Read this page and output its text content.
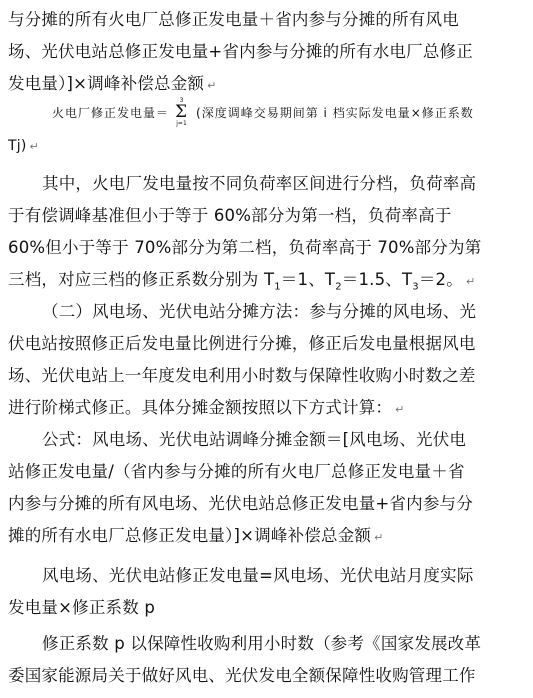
与分摊的所有火电厂总修正发电量＋省内参与分摊的所有风电
场、光伏电站总修正发电量+省内参与分摊的所有水电厂总修正
发电量）]×调峰补偿总金额 ↵
火电厂修正发电量＝
3
Σ
j=1
(深度调峰交易期间第 i 档实际发电量×修正系数
Tj) ↵
其中，火电厂发电量按不同负荷率区间进行分档，负荷率高
于有偿调峰基准但小于等于 60%部分为第一档，负荷率高于
60%但小于等于 70%部分为第二档，负荷率高于 70%部分为第
三档，对应三档的修正系数分别为 $T_1=1$、$T_2=1.5$、$T_3=2$。 ↵
（二）风电场、光伏电站分摊方法：参与分摊的风电场、光
伏电站按照修正后发电量比例进行分摊，修正后发电量根据风电
场、光伏电站上一年度发电利用小时数与保障性收购小时数之差
进行阶梯式修正。具体分摊金额按照以下方式计算： ↵
公式：风电场、光伏电站调峰分摊金额＝[风电场、光伏电
站修正发电量/（省内参与分摊的所有火电厂总修正发电量＋省
内参与分摊的所有风电场、光伏电站总修正发电量+省内参与分
摊的所有水电厂总修正发电量）]×调峰补偿总金额 ↵
风电场、光伏电站修正发电量=风电场、光伏电站月度实际
发电量×修正系数 p
修正系数 p 以保障性收购利用小时数（参考《国家发展改革
委国家能源局关于做好风电、光伏发电全额保障性收购管理工作
